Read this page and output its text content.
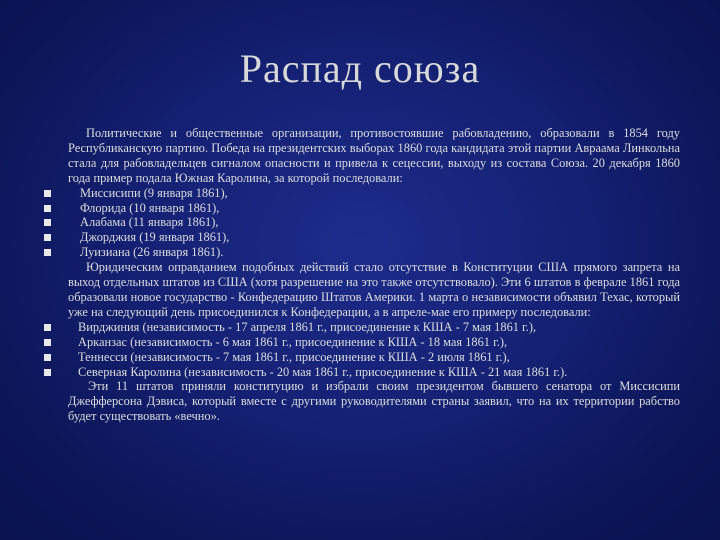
Распад союза

Политические и общественные организации, противостоявшие рабовладению, образовали в 1854 году Республиканскую партию. Победа на президентских выборах 1860 года кандидата этой партии Авраама Линкольна стала для рабовладельцев сигналом опасности и привела к сецессии, выходу из состава Союза. 20 декабря 1860 года пример подала Южная Каролина, за которой последовали:

Миссисипи (9 января 1861),
Флорида (10 января 1861),
Алабама (11 января 1861),
Джорджия (19 января 1861),
Луизиана (26 января 1861).

Юридическим оправданием подобных действий стало отсутствие в Конституции США прямого запрета на выход отдельных штатов из США (хотя разрешение на это также отсутствовало). Эти 6 штатов в феврале 1861 года образовали новое государство - Конфедерацию Штатов Америки. 1 марта о независимости объявил Техас, который уже на следующий день присоединился к Конфедерации, а в апреле-мае его примеру последовали:

Вирджиния (независимость - 17 апреля 1861 г., присоединение к КША - 7 мая 1861 г.),
Арканзас (независимость - 6 мая 1861 г., присоединение к КША - 18 мая 1861 г.),
Теннесси (независимость - 7 мая 1861 г., присоединение к КША - 2 июля 1861 г.),
Северная Каролина (независимость - 20 мая 1861 г., присоединение к КША - 21 мая 1861 г.).

Эти 11 штатов приняли конституцию и избрали своим президентом бывшего сенатора от Миссисипи Джефферсона Дэвиса, который вместе с другими руководителями страны заявил, что на их территории рабство будет существовать «вечно».
